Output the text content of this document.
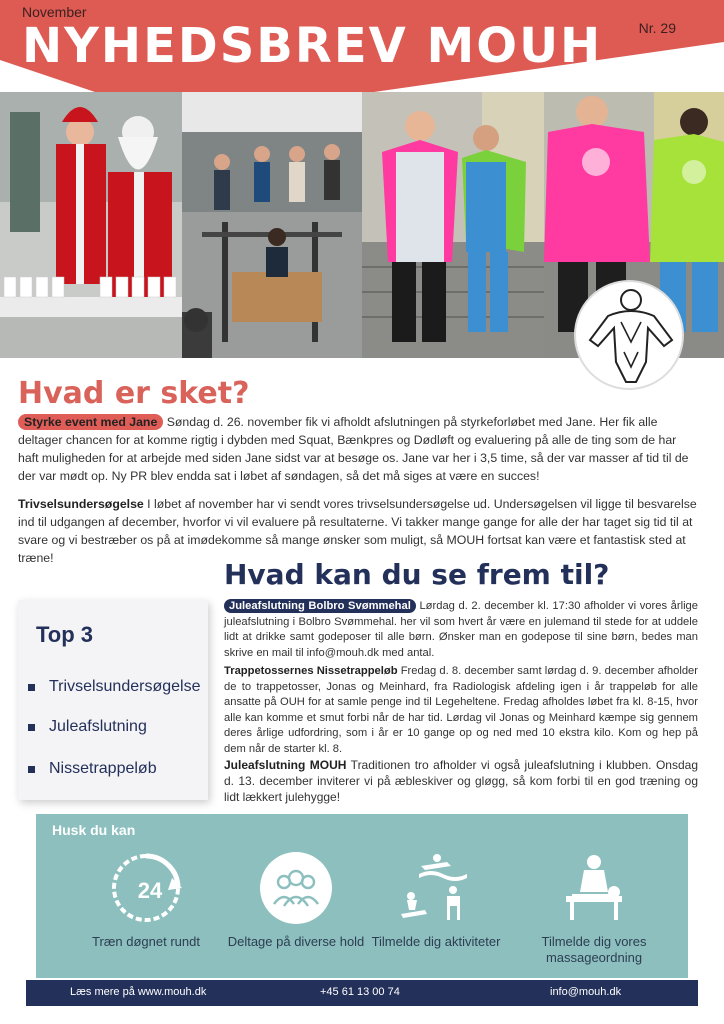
November
NYHEDSBREV MOUH	Nr. 29
Hvad er sket?
Styrke event med Jane Søndag d. 26. november fik vi afholdt afslutningen på styrkeforløbet med Jane. Her fik alle deltager chancen for at komme rigtig i dybden med Squat, Bænkpres og Dødløft og evaluering på alle de ting som de har haft muligheden for at arbejde med siden Jane sidst var at besøge os. Jane var her i 3,5 time, så der var masser af tid til de der var mødt op. Ny PR blev endda sat i løbet af søndagen, så det må siges at være en succes!
Trivselsundersøgelse I løbet af november har vi sendt vores trivselsundersøgelse ud. Undersøgelsen vil ligge til besvarelse ind til udgangen af december, hvorfor vi vil evaluere på resultaterne. Vi takker mange gange for alle der har taget sig tid til at svare og vi bestræber os på at imødekomme så mange ønsker som muligt, så MOUH fortsat kan være et fantastisk sted at træne!	Hvad kan du se frem til?
Juleafslutning Bolbro Svømmehal Lørdag d. 2. december kl. 17:30 afholder vi vores årlige juleafslutning i Bolbro Svømmehal. her vil som hvert år være en julemand til stede for at uddele lidt at drikke samt godeposer til alle børn. Ønsker man en godepose til sine børn, bedes man skrive en mail til info@mouh.dk med antal.
Trappetossernes Nissetrappeløb Fredag d. 8. december samt lørdag d. 9. december afholder de to trappetosser, Jonas og Meinhard, fra Radiologisk afdeling igen i år trappeløb for alle ansatte på OUH for at samle penge ind til Legeheltene. Fredag afholdes løbet fra kl. 8-15, hvor alle kan komme et smut forbi når de har tid. Lørdag vil Jonas og Meinhard kæmpe sig gennem deres årlige udfordring, som i år er 10 gange op og ned med 10 ekstra kilo. Kom og hep på dem når de starter kl. 8.
Juleafslutning MOUH Traditionen tro afholder vi også juleafslutning i klubben. Onsdag d. 13. december inviterer vi på æbleskiver og gløgg, så kom forbi til en god træning og lidt lækkert julehygge!
Top 3
Trivselsundersøgelse
Juleafslutning
Nissetrappeløb
Husk du kan
24
Træn døgnet rundt	Deltage på diverse hold Tilmelde dig aktiviteter	Tilmelde dig vores massageordning
Læs mere på www.mouh.dk	+45 61 13 00 74	info@mouh.dk
